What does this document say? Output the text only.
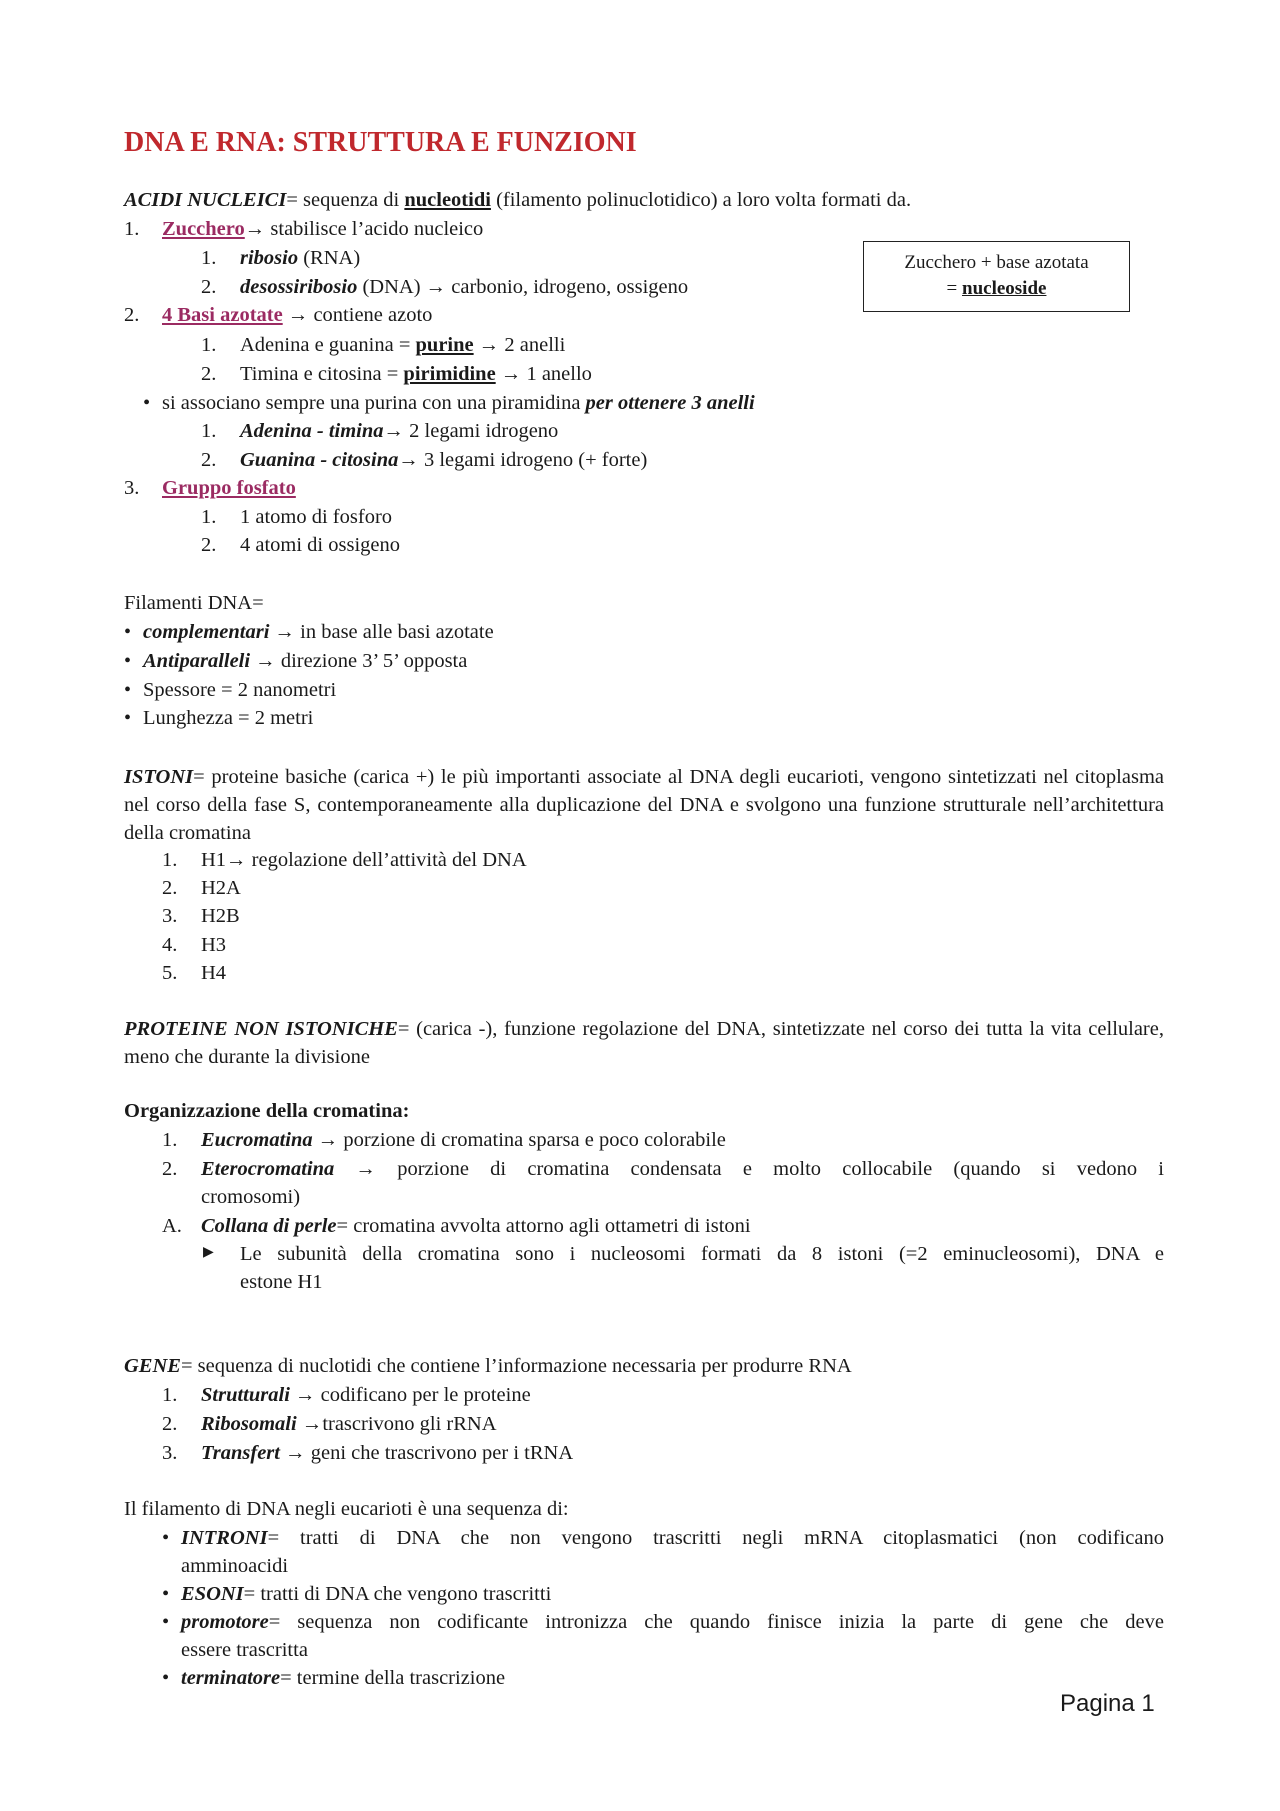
DNA E RNA: STRUTTURA E FUNZIONI
ACIDI NUCLEICI= sequenza di nucleotidi (filamento polinuclotidico) a loro volta formati da.
1. Zucchero→ stabilisce l’acido nucleico
1. ribosio (RNA)
2. desossiribosio (DNA) → carbonio, idrogeno, ossigeno
2. 4 Basi azotate → contiene azoto
1. Adenina e guanina = purine → 2 anelli
2. Timina e citosina = pirimidine → 1 anello
• si associano sempre una purina con una piramidina per ottenere 3 anelli
1. Adenina - timina→ 2 legami idrogeno
2. Guanina - citosina→ 3 legami idrogeno (+ forte)
3. Gruppo fosfato
1. 1 atomo di fosforo
2. 4 atomi di ossigeno
Zucchero + base azotata
= nucleoside
Filamenti DNA=
• complementari → in base alle basi azotate
• Antiparalleli → direzione 3’ 5’ opposta
• Spessore = 2 nanometri
• Lunghezza = 2 metri
ISTONI= proteine basiche (carica +) le più importanti associate al DNA degli eucarioti, vengono sintetizzati nel citoplasma nel corso della fase S, contemporaneamente alla duplicazione del DNA e svolgono una funzione strutturale nell’architettura della cromatina
1. H1→ regolazione dell’attività del DNA
2. H2A
3. H2B
4. H3
5. H4
PROTEINE NON ISTONICHE= (carica -), funzione regolazione del DNA, sintetizzate nel corso dei tutta la vita cellulare, meno che durante la divisione
Organizzazione della cromatina:
1. Eucromatina → porzione di cromatina sparsa e poco colorabile
2. Eterocromatina → porzione di cromatina condensata e molto collocabile (quando si vedono i
cromosomi)
A. Collana di perle= cromatina avvolta attorno agli ottametri di istoni
▶ Le subunità della cromatina sono i nucleosomi formati da 8 istoni (=2 eminucleosomi), DNA e
estone H1
GENE= sequenza di nuclotidi che contiene l’informazione necessaria per produrre RNA
1. Strutturali → codificano per le proteine
2. Ribosomali →trascrivono gli rRNA
3. Transfert → geni che trascrivono per i tRNA
Il filamento di DNA negli eucarioti è una sequenza di:
• INTRONI= tratti di DNA che non vengono trascritti negli mRNA citoplasmatici (non codificano
amminoacidi
• ESONI= tratti di DNA che vengono trascritti
• promotore= sequenza non codificante intronizza che quando finisce inizia la parte di gene che deve
essere trascritta
• terminatore= termine della trascrizione
Pagina 1
